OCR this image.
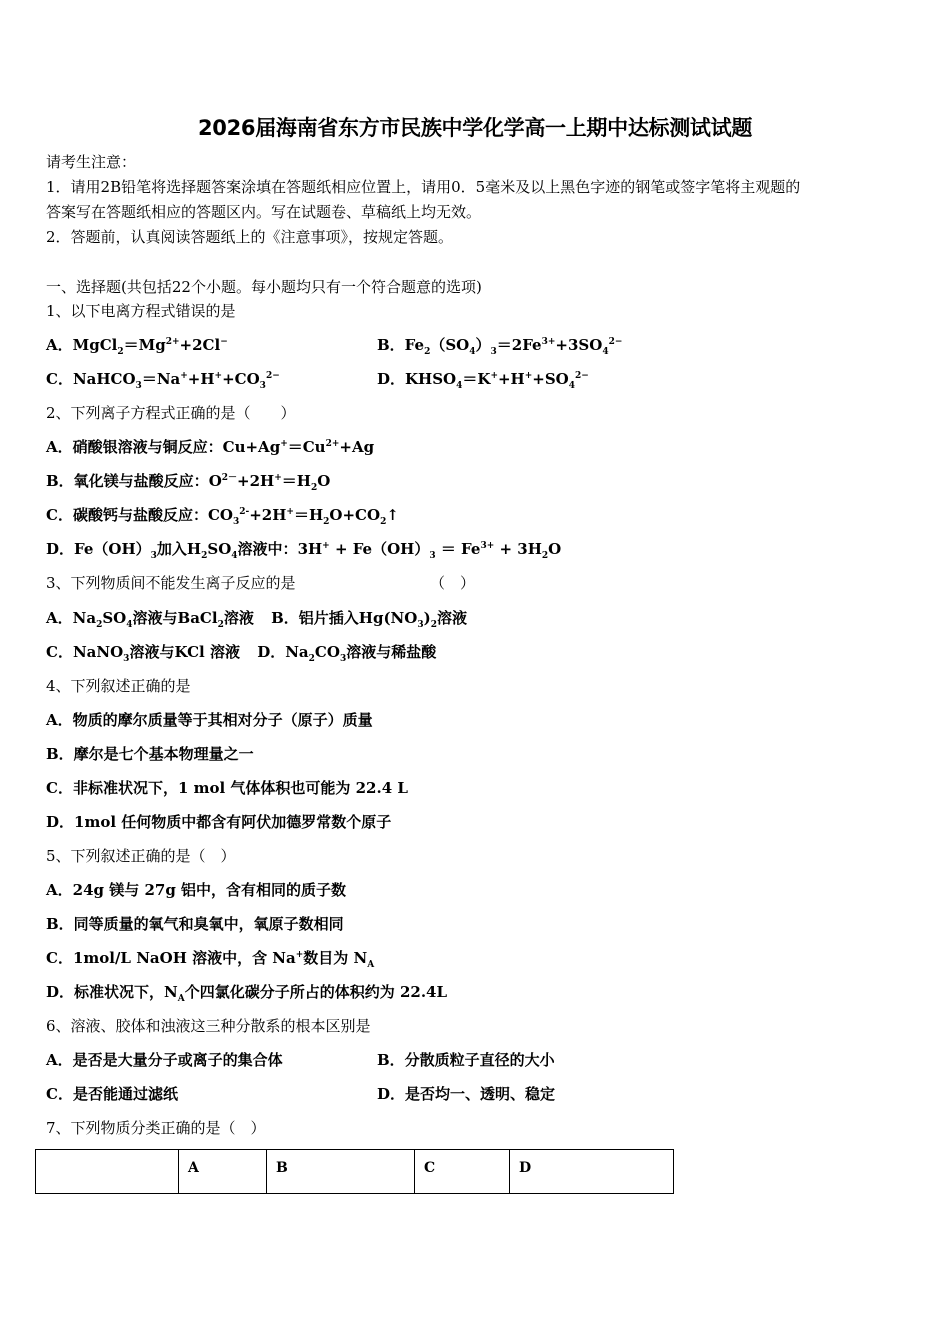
2026届海南省东方市民族中学化学高一上期中达标测试试题
请考生注意：
1．请用2B铅笔将选择题答案涂填在答题纸相应位置上，请用0．5毫米及以上黑色字迹的钢笔或签字笔将主观题的
答案写在答题纸相应的答题区内。写在试题卷、草稿纸上均无效。
2．答题前，认真阅读答题纸上的《注意事项》，按规定答题。
一、选择题(共包括22个小题。每小题均只有一个符合题意的选项)
1、以下电离方程式错误的是
A．$MgCl_2=Mg^{2+}+2Cl^-$	B．$Fe_2(SO_4)_3=2Fe^{3+}+3SO_4^{2-}$
C．$NaHCO_3=Na^++H^++CO_3^{2-}$	D．$KHSO_4=K^++H^++SO_4^{2-}$
2、下列离子方程式正确的是（　　）
A．硝酸银溶液与铜反应：$Cu+Ag^+=Cu^{2+}+Ag$
B．氧化镁与盐酸反应：$O^{2-}+2H^+=H_2O$
C．碳酸钙与盐酸反应：$CO_3^{2-}+2H^+=H_2O+CO_2↑$
D．$Fe(OH)_3$加入$H_2SO_4$溶液中：$3H^+ + Fe(OH)_3 = Fe^{3+} + 3H_2O$
3、下列物质间不能发生离子反应的是	（　）
A．$Na_2SO_4$溶液与BaCl$_2$溶液 B．铝片插入$Hg(NO_3)_2$溶液
C．NaNO$_3$溶液与KCl 溶液 D．$Na_2CO_3$溶液与稀盐酸
4、下列叙述正确的是
A．物质的摩尔质量等于其相对分子（原子）质量
B．摩尔是七个基本物理量之一
C．非标准状况下，1 mol 气体体积也可能为 22.4 L
D．1mol 任何物质中都含有阿伏加德罗常数个原子
5、下列叙述正确的是（　）
A．24g 镁与 27g 铝中，含有相同的质子数
B．同等质量的氧气和臭氧中，氧原子数相同
C．1mol/L NaOH 溶液中，含 Na+数目为 $N_A$
D．标准状况下，$N_A$个四氯化碳分子所占的体积约为 22.4L
6、溶液、胶体和浊液这三种分散系的根本区别是
A．是否是大量分子或离子的集合体	B．分散质粒子直径的大小
C．是否能通过滤纸	D．是否均一、透明、稳定
7、下列物质分类正确的是（　）
	A	B	C	D
